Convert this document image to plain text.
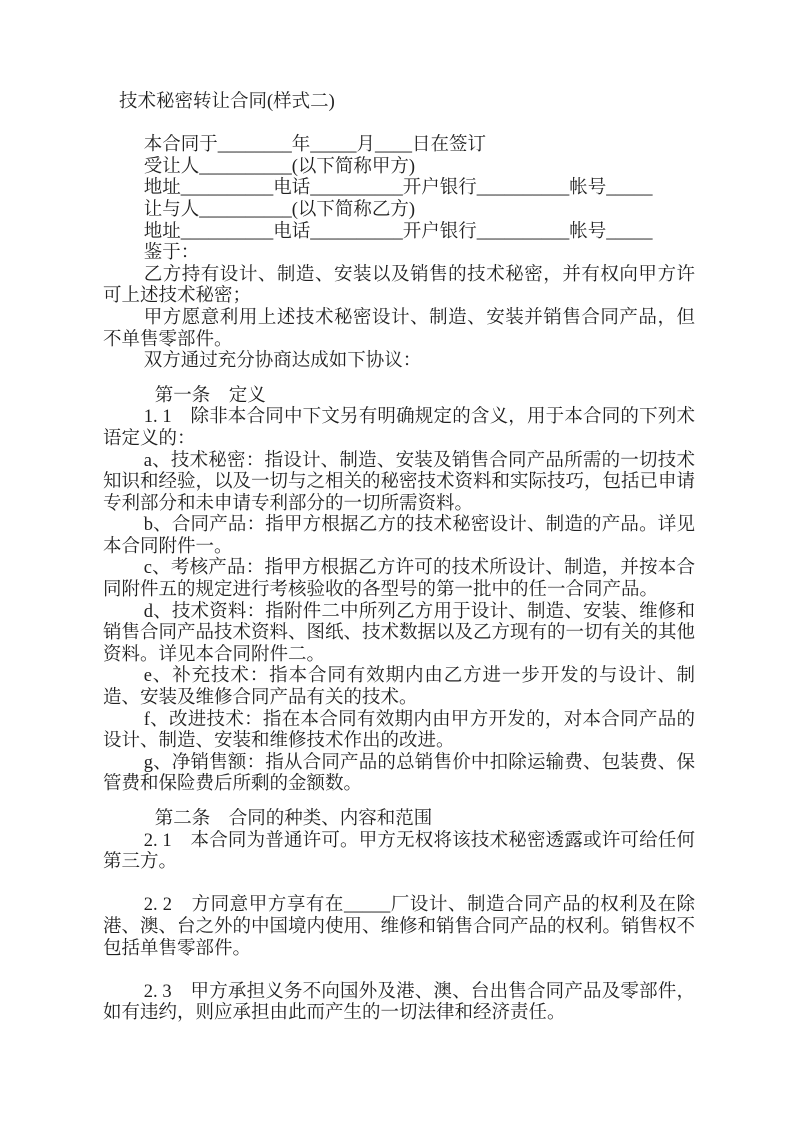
技术秘密转让合同(样式二)
本合同于________年_____月____日在签订
受让人__________(以下简称甲方)
地址__________电话__________开户银行__________帐号_____
让与人__________(以下简称乙方)
地址__________电话__________开户银行__________帐号_____
鉴于：
乙方持有设计、制造、安装以及销售的技术秘密，并有权向甲方许可上述技术秘密；
甲方愿意利用上述技术秘密设计、制造、安装并销售合同产品，但不单售零部件。
双方通过充分协商达成如下协议：
第一条　定义
1. 1　除非本合同中下文另有明确规定的含义，用于本合同的下列术语定义的：
a、技术秘密：指设计、制造、安装及销售合同产品所需的一切技术知识和经验，以及一切与之相关的秘密技术资料和实际技巧，包括已申请专利部分和未申请专利部分的一切所需资料。
b、合同产品：指甲方根据乙方的技术秘密设计、制造的产品。详见本合同附件一。
c、考核产品：指甲方根据乙方许可的技术所设计、制造，并按本合同附件五的规定进行考核验收的各型号的第一批中的任一合同产品。
d、技术资料：指附件二中所列乙方用于设计、制造、安装、维修和销售合同产品技术资料、图纸、技术数据以及乙方现有的一切有关的其他资料。详见本合同附件二。
e、补充技术：指本合同有效期内由乙方进一步开发的与设计、制造、安装及维修合同产品有关的技术。
f、改进技术：指在本合同有效期内由甲方开发的，对本合同产品的设计、制造、安装和维修技术作出的改进。
g、净销售额：指从合同产品的总销售价中扣除运输费、包装费、保管费和保险费后所剩的金额数。
第二条　合同的种类、内容和范围
2. 1　本合同为普通许可。甲方无权将该技术秘密透露或许可给任何第三方。
2. 2　方同意甲方享有在_____厂设计、制造合同产品的权利及在除港、澳、台之外的中国境内使用、维修和销售合同产品的权利。销售权不包括单售零部件。
2. 3　甲方承担义务不向国外及港、澳、台出售合同产品及零部件，如有违约，则应承担由此而产生的一切法律和经济责任。
